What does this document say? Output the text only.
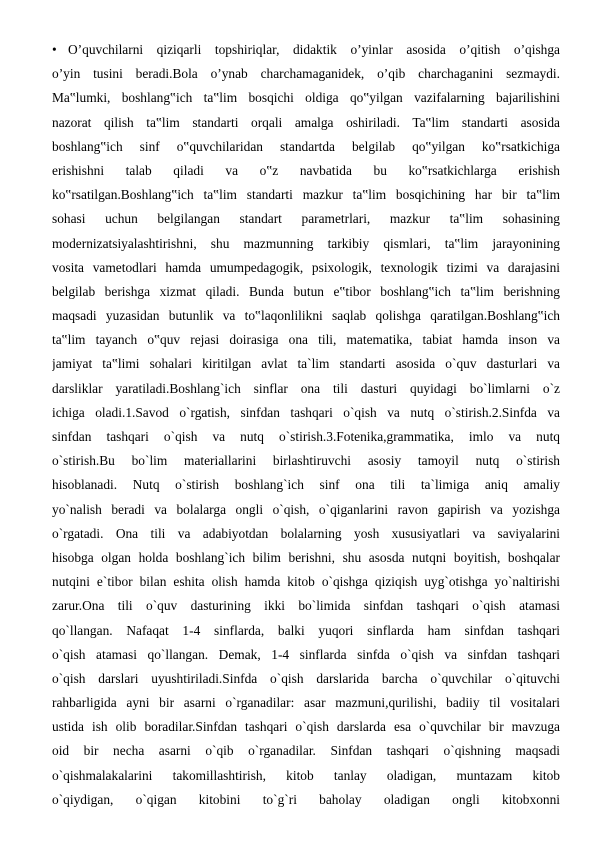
• O’quvchilarni qiziqarli topshiriqlar, didaktik o’yinlar asosida o’qitish o’qishga
o’yin tusini beradi.Bola o’ynab charchamaganidek, o’qib charchaganini sezmaydi.
Ma‟lumki, boshlang‟ich ta‟lim bosqichi oldiga qo‟yilgan vazifalarning bajarilishini
nazorat qilish ta‟lim standarti orqali amalga oshiriladi. Ta‟lim standarti asosida
boshlang‟ich sinf o‟quvchilaridan standartda belgilab qo‟yilgan ko‟rsatkichiga
erishishni talab qiladi va o‟z navbatida bu ko‟rsatkichlarga erishish
ko‟rsatilgan.Boshlang‟ich ta‟lim standarti mazkur ta‟lim bosqichining har bir ta‟lim
sohasi uchun belgilangan standart parametrlari, mazkur ta‟lim sohasining
modernizatsiyalashtirishni, shu mazmunning tarkibiy qismlari, ta‟lim jarayonining
vosita vametodlari hamda umumpedagogik, psixologik, texnologik tizimi va darajasini
belgilab berishga xizmat qiladi. Bunda butun e‟tibor boshlang‟ich ta‟lim berishning
maqsadi yuzasidan butunlik va to‟laqonlilikni saqlab qolishga qaratilgan.Boshlang‟ich
ta‟lim tayanch o‟quv rejasi doirasiga ona tili, matematika, tabiat hamda inson va
jamiyat ta‟limi sohalari kiritilgan avlat ta`lim standarti asosida o`quv dasturlari va
darsliklar yaratiladi.Boshlang`ich sinflar ona tili dasturi quyidagi bo`limlarni o`z
ichiga oladi.1.Savod o`rgatish, sinfdan tashqari o`qish va nutq o`stirish.2.Sinfda va
sinfdan tashqari o`qish va nutq o`stirish.3.Fotenika,grammatika, imlo va nutq
o`stirish.Bu bo`lim materiallarini birlashtiruvchi asosiy tamoyil nutq o`stirish
hisoblanadi. Nutq o`stirish boshlang`ich sinf ona tili ta`limiga aniq amaliy
yo`nalish beradi va bolalarga ongli o`qish, o`qiganlarini ravon gapirish va yozishga
o`rgatadi. Ona tili va adabiyotdan bolalarning yosh xususiyatlari va saviyalarini
hisobga olgan holda boshlang`ich bilim berishni, shu asosda nutqni boyitish, boshqalar
nutqini e`tibor bilan eshita olish hamda kitob o`qishga qiziqish uyg`otishga yo`naltirishi
zarur.Ona tili o`quv dasturining ikki bo`limida sinfdan tashqari o`qish atamasi
qo`llangan. Nafaqat 1-4 sinflarda, balki yuqori sinflarda ham sinfdan tashqari
o`qish atamasi qo`llangan. Demak, 1-4 sinflarda sinfda o`qish va sinfdan tashqari
o`qish darslari uyushtiriladi.Sinfda o`qish darslarida barcha o`quvchilar o`qituvchi
rahbarligida ayni bir asarni o`rganadilar: asar mazmuni,qurilishi, badiiy til vositalari
ustida ish olib boradilar.Sinfdan tashqari o`qish darslarda esa o`quvchilar bir mavzuga
oid bir necha asarni o`qib o`rganadilar. Sinfdan tashqari o`qishning maqsadi
o`qishmalakalarini takomillashtirish, kitob tanlay oladigan, muntazam kitob
o`qiydigan, o`qigan kitobini to`g`ri baholay oladigan ongli kitobxonni
